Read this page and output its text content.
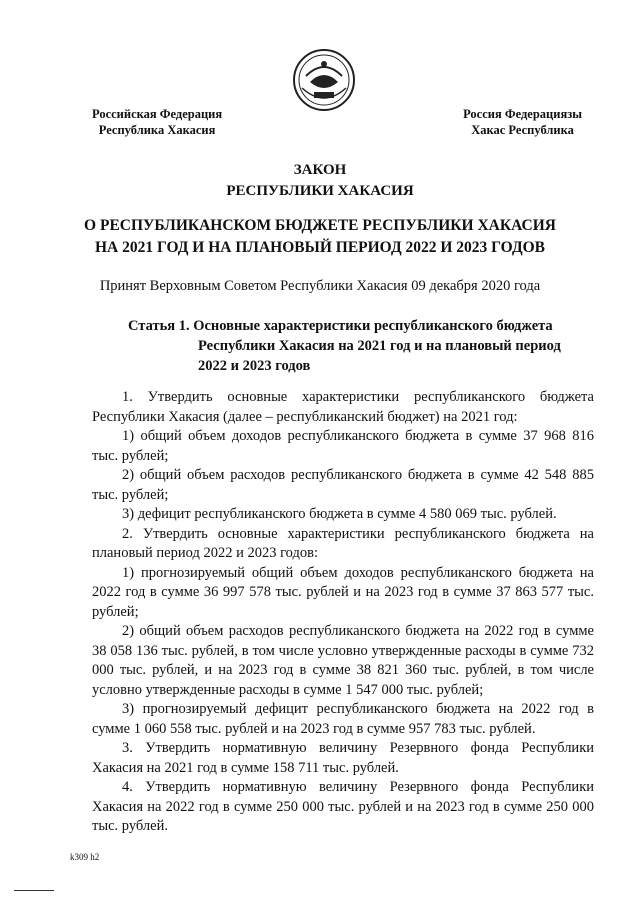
Российская Федерация
Республика Хакасия
Россия Федерациязы
Хакас Республика
ЗАКОН
РЕСПУБЛИКИ ХАКАСИЯ
О РЕСПУБЛИКАНСКОМ БЮДЖЕТЕ РЕСПУБЛИКИ ХАКАСИЯ
НА 2021 ГОД И НА ПЛАНОВЫЙ ПЕРИОД 2022 И 2023 ГОДОВ
Принят Верховным Советом Республики Хакасия 09 декабря 2020 года
Статья 1. Основные характеристики республиканского бюджета
Республики Хакасия на 2021 год и на плановый период
2022 и 2023 годов

1. Утвердить основные характеристики республиканского бюджета Республики Хакасия (далее – республиканский бюджет) на 2021 год:

1) общий объем доходов республиканского бюджета в сумме 37 968 816 тыс. рублей;

2) общий объем расходов республиканского бюджета в сумме 42 548 885 тыс. рублей;

3) дефицит республиканского бюджета в сумме 4 580 069 тыс. рублей.

2. Утвердить основные характеристики республиканского бюджета на плановый период 2022 и 2023 годов:

1) прогнозируемый общий объем доходов республиканского бюджета на 2022 год в сумме 36 997 578 тыс. рублей и на 2023 год в сумме 37 863 577 тыс. рублей;

2) общий объем расходов республиканского бюджета на 2022 год в сумме 38 058 136 тыс. рублей, в том числе условно утвержденные расходы в сумме 732 000 тыс. рублей, и на 2023 год в сумме 38 821 360 тыс. рублей, в том числе условно утвержденные расходы в сумме 1 547 000 тыс. рублей;

3) прогнозируемый дефицит республиканского бюджета на 2022 год в сумме 1 060 558 тыс. рублей и на 2023 год в сумме 957 783 тыс. рублей.

3. Утвердить нормативную величину Резервного фонда Республики Хакасия на 2021 год в сумме 158 711 тыс. рублей.

4. Утвердить нормативную величину Резервного фонда Республики Хакасия на 2022 год в сумме 250 000 тыс. рублей и на 2023 год в сумме 250 000 тыс. рублей.

k309 h2
